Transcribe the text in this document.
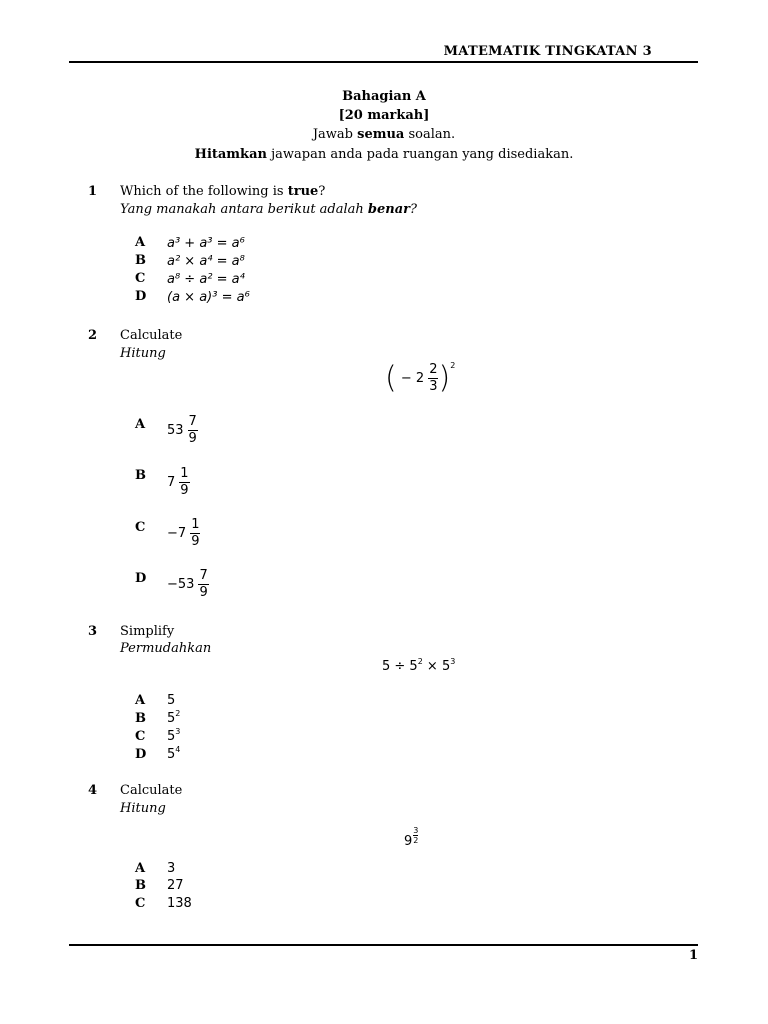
MATEMATIK TINGKATAN 3
Bahagian A
[20 markah]
Jawab semua soalan.
Hitamkan jawapan anda pada ruangan yang disediakan.
1 Which of the following is true?
Yang manakah antara berikut adalah benar?
A a³ + a³ = a⁶
B a² × a⁴ = a⁸
C a⁸ ÷ a² = a⁴
D (a × a)³ = a⁶
2 Calculate
Hitung
( − $2 \frac{2}{3} )^2$
A $53 \frac{7}{9}$
B $7 \frac{1}{9}$
$C -7 \frac{1}{9}$
$D -53 \frac{7}{9}$
3 Simplify
Permudahkan
$5 \div 5^2 \times 5^3$
A 5
B $5^2$
C $5^3$
D $5^4$
4 Calculate
Hitung
$9 \frac{3}{2}$
A 3
B 27
C 138
1
